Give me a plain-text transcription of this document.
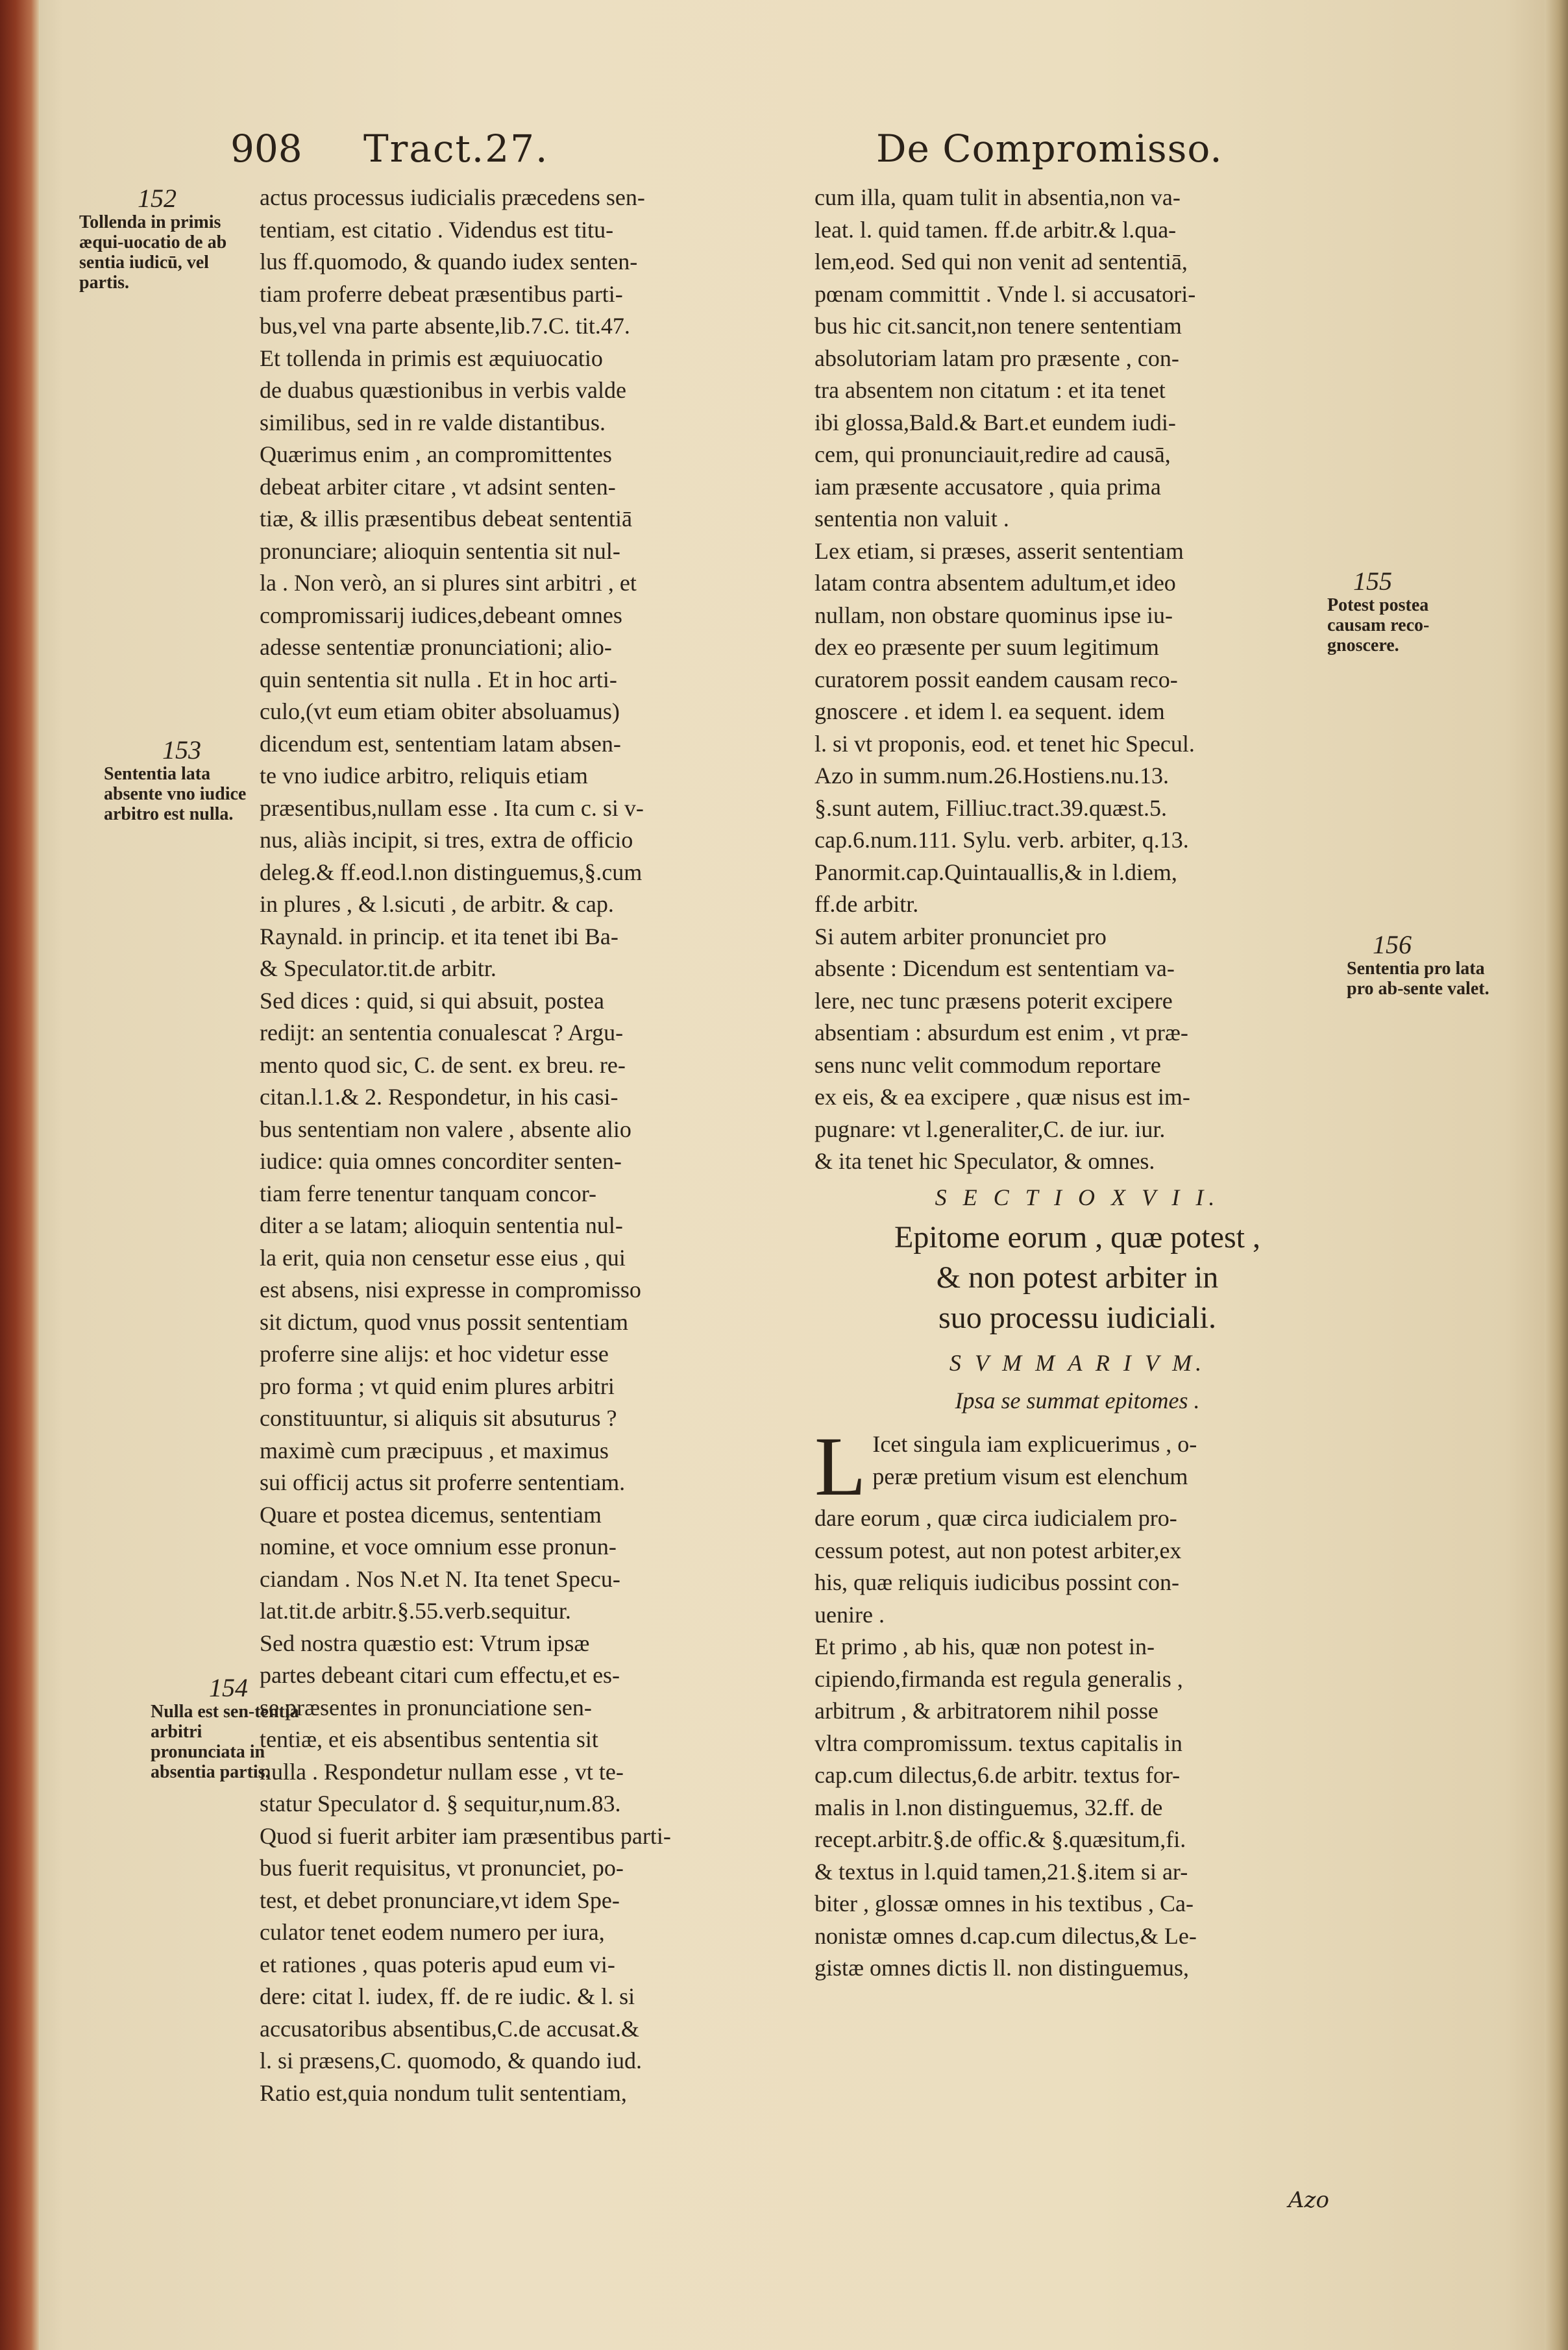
908 Tract.27.	De Compromisso.
152
Tollenda in primis æqui-uocatio de ab sentia iudicū, vel partis.
153
Sententia lata absente vno iudice arbitro est nulla.
154
Nulla est sen-tentia arbitri pronunciata in absentia partis.
155
Potest postea causam reco-gnoscere.
156
Sententia pro lata pro ab-sente valet.
actus processus iudicialis præcedens sen-
tentiam, est citatio . Videndus est titu-
lus ff.quomodo, & quando iudex senten-
tiam proferre debeat præsentibus parti-
bus,vel vna parte absente,lib.7.C. tit.47.
Et tollenda in primis est æquiuocatio
de duabus quæstionibus in verbis valde
similibus, sed in re valde distantibus.
Quærimus enim , an compromittentes
debeat arbiter citare , vt adsint senten-
tiæ, & illis præsentibus debeat sententiā
pronunciare; alioquin sententia sit nul-
la . Non verò, an si plures sint arbitri , et
compromissarij iudices,debeant omnes
adesse sententiæ pronunciationi; alio-
quin sententia sit nulla . Et in hoc arti-
culo,(vt eum etiam obiter absoluamus)
dicendum est, sententiam latam absen-
te vno iudice arbitro, reliquis etiam
præsentibus,nullam esse . Ita cum c. si v-
nus, aliàs incipit, si tres, extra de officio
deleg.& ff.eod.l.non distinguemus,§.cum
in plures , & l.sicuti , de arbitr. & cap.
Raynald. in princip. et ita tenet ibi Ba-
& Speculator.tit.de arbitr.
Sed dices : quid, si qui absuit, postea
redijt: an sententia conualescat ? Argu-
mento quod sic, C. de sent. ex breu. re-
citan.l.1.& 2. Respondetur, in his casi-
bus sententiam non valere , absente alio
iudice: quia omnes concorditer senten-
tiam ferre tenentur tanquam concor-
diter a se latam; alioquin sententia nul-
la erit, quia non censetur esse eius , qui
est absens, nisi expresse in compromisso
sit dictum, quod vnus possit sententiam
proferre sine alijs: et hoc videtur esse
pro forma ; vt quid enim plures arbitri
constituuntur, si aliquis sit absuturus ?
maximè cum præcipuus , et maximus
sui officij actus sit proferre sententiam.
Quare et postea dicemus, sententiam
nomine, et voce omnium esse pronun-
ciandam . Nos N.et N. Ita tenet Specu-
lat.tit.de arbitr.§.55.verb.sequitur.
Sed nostra quæstio est: Vtrum ipsæ
partes debeant citari cum effectu,et es-
se præsentes in pronunciatione sen-
tentiæ, et eis absentibus sententia sit
nulla . Respondetur nullam esse , vt te-
statur Speculator d. § sequitur,num.83.
Quod si fuerit arbiter iam præsentibus parti-
bus fuerit requisitus, vt pronunciet, po-
test, et debet pronunciare,vt idem Spe-
culator tenet eodem numero per iura,
et rationes , quas poteris apud eum vi-
dere: citat l. iudex, ff. de re iudic. & l. si
accusatoribus absentibus,C.de accusat.&
l. si præsens,C. quomodo, & quando iud.
Ratio est,quia nondum tulit sententiam,
cum illa, quam tulit in absentia,non va-
leat. l. quid tamen. ff.de arbitr.& l.qua-
lem,eod. Sed qui non venit ad sententiā,
pœnam committit . Vnde l. si accusatori-
bus hic cit.sancit,non tenere sententiam
absolutoriam latam pro præsente , con-
tra absentem non citatum : et ita tenet
ibi glossa,Bald.& Bart.et eundem iudi-
cem, qui pronunciauit,redire ad causā,
iam præsente accusatore , quia prima
sententia non valuit .
Lex etiam, si præses, asserit sententiam
latam contra absentem adultum,et ideo
nullam, non obstare quominus ipse iu-
dex eo præsente per suum legitimum
curatorem possit eandem causam reco-
gnoscere . et idem l. ea sequent. idem
l. si vt proponis, eod. et tenet hic Specul.
Azo in summ.num.26.Hostiens.nu.13.
§.sunt autem, Filliuc.tract.39.quæst.5.
cap.6.num.111. Sylu. verb. arbiter, q.13.
Panormit.cap.Quintauallis,& in l.diem,
ff.de arbitr.
Si autem arbiter pronunciet pro
absente : Dicendum est sententiam va-
lere, nec tunc præsens poterit excipere
absentiam : absurdum est enim , vt præ-
sens nunc velit commodum reportare
ex eis, & ea excipere , quæ nisus est im-
pugnare: vt l.generaliter,C. de iur. iur.
& ita tenet hic Speculator, & omnes.
S E C T I O X V I I.
Epitome eorum , quæ potest ,
& non potest arbiter in
suo processu iudiciali.
S V M M A R I V M.
Ipsa se summat epitomes .
L Icet singula iam explicuerimus , o-
peræ pretium visum est elenchum
dare eorum , quæ circa iudicialem pro-
cessum potest, aut non potest arbiter,ex
his, quæ reliquis iudicibus possint con-
uenire .
Et primo , ab his, quæ non potest in-
cipiendo,firmanda est regula generalis ,
arbitrum , & arbitratorem nihil posse
vltra compromissum. textus capitalis in
cap.cum dilectus,6.de arbitr. textus for-
malis in l.non distinguemus, 32.ff. de
recept.arbitr.§.de offic.& §.quæsitum,fi.
& textus in l.quid tamen,21.§.item si ar-
biter , glossæ omnes in his textibus , Ca-
nonistæ omnes d.cap.cum dilectus,& Le-
gistæ omnes dictis ll. non distinguemus,
Azo
